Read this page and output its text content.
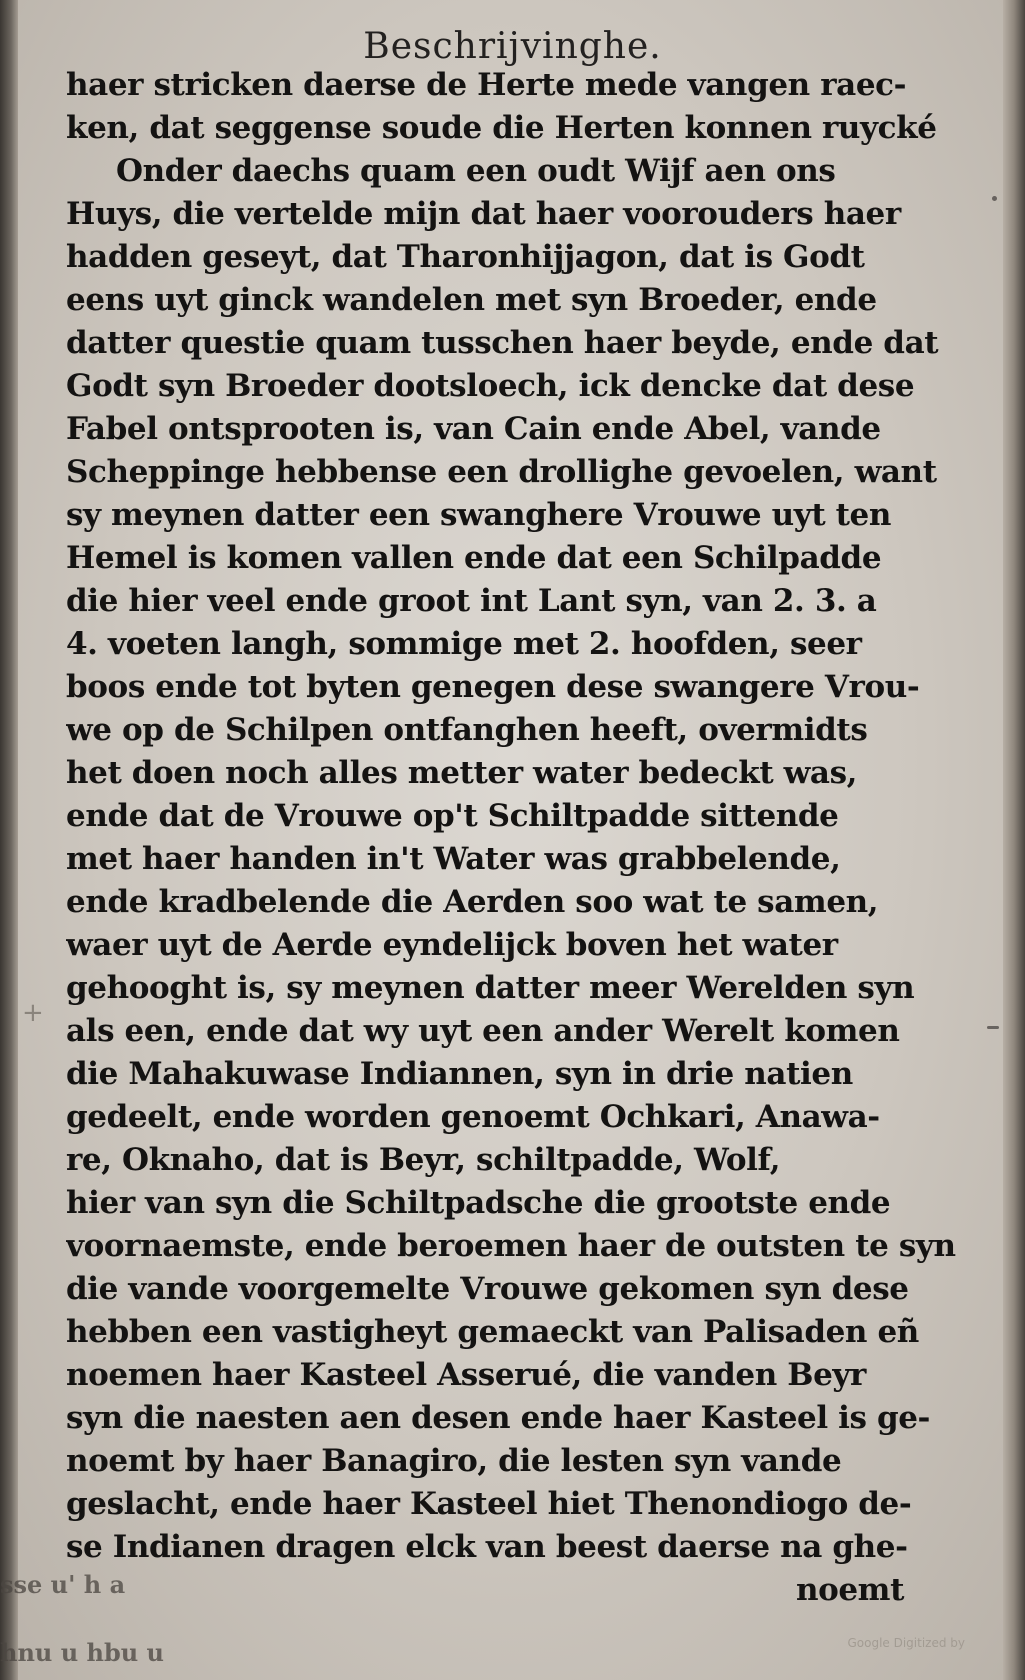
Beschrijvinghe.
haer stricken daerse de Herte mede vangen raec-
ken, dat seggense soude die Herten konnen ruycké
Onder daechs quam een oudt Wijf aen ons
Huys, die vertelde mijn dat haer voorouders haer
hadden geseyt, dat Tharonhijjagon, dat is Godt
eens uyt ginck wandelen met syn Broeder, ende
datter questie quam tusschen haer beyde, ende dat
Godt syn Broeder dootsloech, ick dencke dat dese
Fabel ontsprooten is, van Cain ende Abel, vande
Scheppinge hebbense een drollighe gevoelen, want
sy meynen datter een swanghere Vrouwe uyt ten
Hemel is komen vallen ende dat een Schilpadde
die hier veel ende groot int Lant syn, van 2. 3. a
4. voeten langh, sommige met 2. hoofden, seer
boos ende tot byten genegen dese swangere Vrou-
we op de Schilpen ontfanghen heeft, overmidts
het doen noch alles metter water bedeckt was,
ende dat de Vrouwe op't Schiltpadde sittende
met haer handen in't Water was grabbelende,
ende kradbelende die Aerden soo wat te samen,
waer uyt de Aerde eyndelijck boven het water
gehooght is, sy meynen datter meer Werelden syn
als een, ende dat wy uyt een ander Werelt komen
die Mahakuwase Indiannen, syn in drie natien
gedeelt, ende worden genoemt Ochkari, Anawa-
re, Oknaho, dat is Beyr, schiltpadde, Wolf,
hier van syn die Schiltpadsche die grootste ende
voornaemste, ende beroemen haer de outsten te syn
die vande voorgemelte Vrouwe gekomen syn dese
hebben een vastigheyt gemaeckt van Palisaden eñ
noemen haer Kasteel Asserué, die vanden Beyr
syn die naesten aen desen ende haer Kasteel is ge-
noemt by haer Banagiro, die lesten syn vande
geslacht, ende haer Kasteel hiet Thenondiogo de-
se Indianen dragen elck van beest daerse na ghe-
noemt
sse u' h a
hnu u hbu u
+
Google Digitized by
